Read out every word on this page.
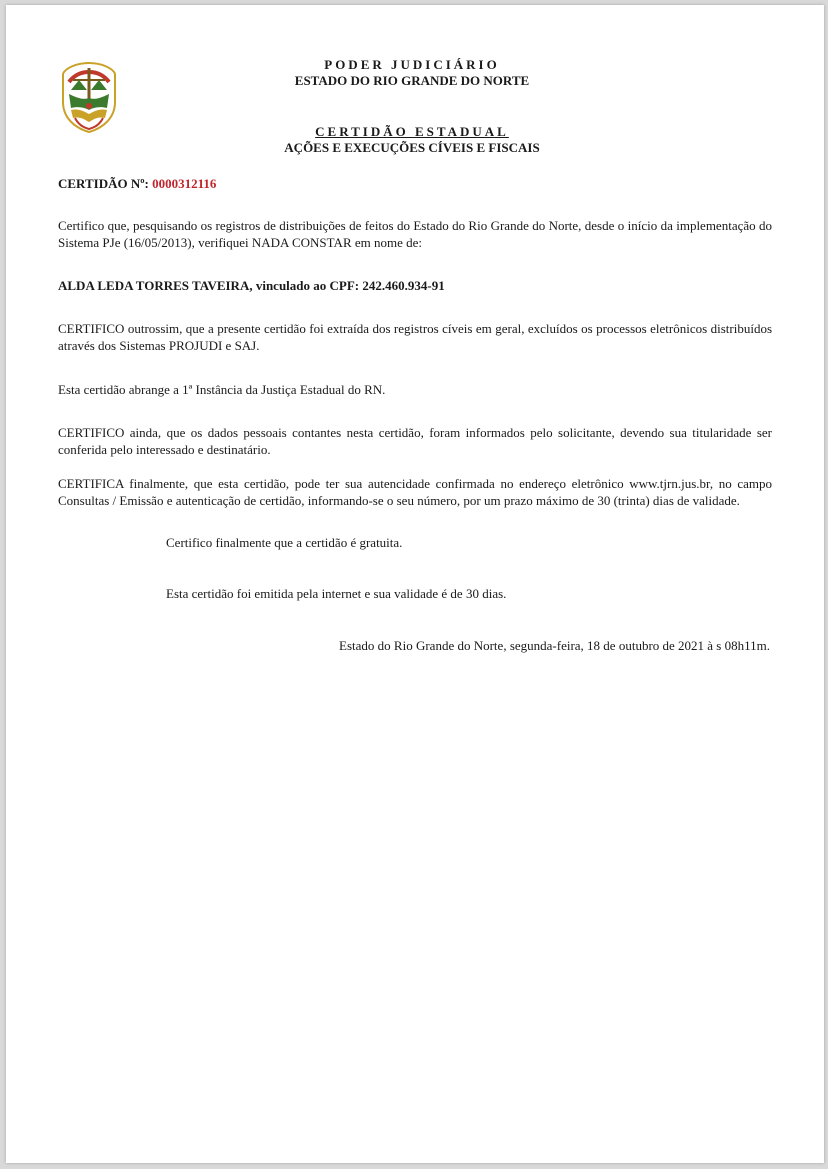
PODER JUDICIÁRIO
ESTADO DO RIO GRANDE DO NORTE
CERTIDÃO ESTADUAL
AÇÕES E EXECUÇÕES CÍVEIS E FISCAIS
CERTIDÃO Nº: 0000312116
Certifico que, pesquisando os registros de distribuições de feitos do Estado do Rio Grande do Norte, desde o início da implementação do Sistema PJe (16/05/2013), verifiquei NADA CONSTAR em nome de:
ALDA LEDA TORRES TAVEIRA, vinculado ao CPF: 242.460.934-91
CERTIFICO outrossim, que a presente certidão foi extraída dos registros cíveis em geral, excluídos os processos eletrônicos distribuídos através dos Sistemas PROJUDI e SAJ.
Esta certidão abrange a 1ª Instância da Justiça Estadual do RN.
CERTIFICO ainda, que os dados pessoais contantes nesta certidão, foram informados pelo solicitante, devendo sua titularidade ser conferida pelo interessado e destinatário.
CERTIFICA finalmente, que esta certidão, pode ter sua autencidade confirmada no endereço eletrônico www.tjrn.jus.br, no campo Consultas / Emissão e autenticação de certidão, informando-se o seu número, por um prazo máximo de 30 (trinta) dias de validade.
Certifico finalmente que a certidão é gratuita.
Esta certidão foi emitida pela internet e sua validade é de 30 dias.
Estado do Rio Grande do Norte, segunda-feira, 18 de outubro de 2021 à s 08h11m.
